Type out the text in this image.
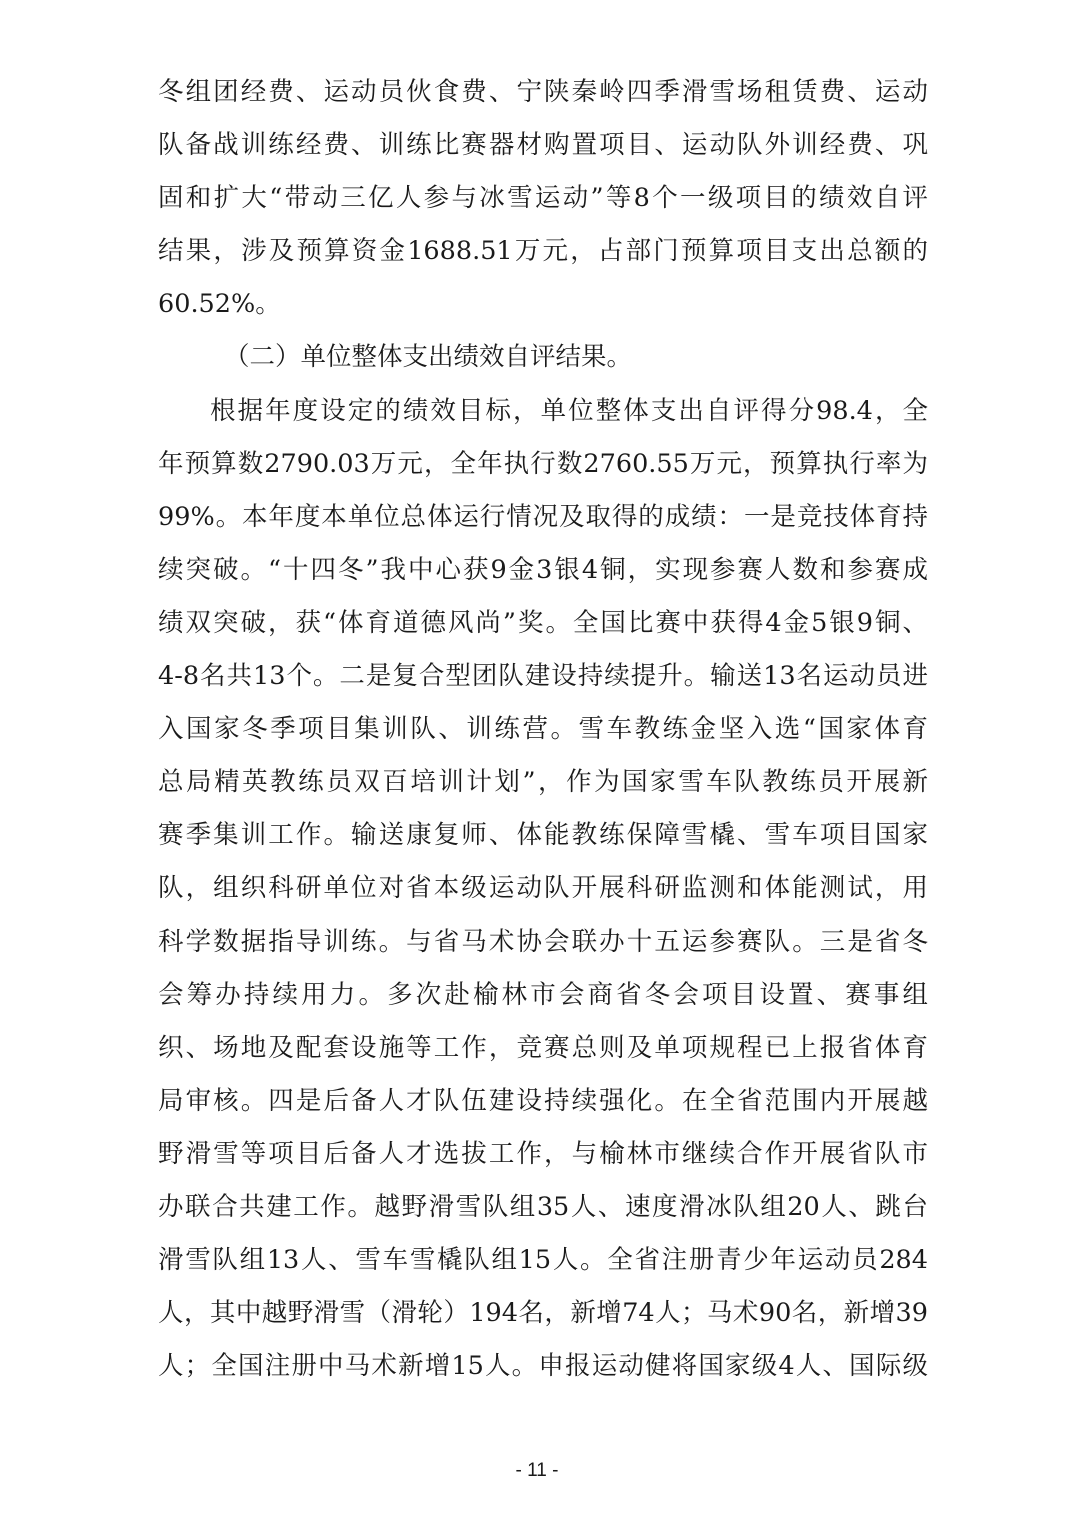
冬组团经费、运动员伙食费、宁陕秦岭四季滑雪场租赁费、运动
队备战训练经费、训练比赛器材购置项目、运动队外训经费、巩
固和扩大“带动三亿人参与冰雪运动”等8个一级项目的绩效自评
结果，涉及预算资金1688.51万元，占部门预算项目支出总额的
60.52%。
（二）单位整体支出绩效自评结果。
根据年度设定的绩效目标，单位整体支出自评得分98.4，全
年预算数2790.03万元，全年执行数2760.55万元，预算执行率为
99%。本年度本单位总体运行情况及取得的成绩：一是竞技体育持
续突破。“十四冬”我中心获9金3银4铜，实现参赛人数和参赛成
绩双突破，获“体育道德风尚”奖。全国比赛中获得4金5银9铜、
4-8名共13个。二是复合型团队建设持续提升。输送13名运动员进
入国家冬季项目集训队、训练营。雪车教练金坚入选“国家体育
总局精英教练员双百培训计划”，作为国家雪车队教练员开展新
赛季集训工作。输送康复师、体能教练保障雪橇、雪车项目国家
队，组织科研单位对省本级运动队开展科研监测和体能测试，用
科学数据指导训练。与省马术协会联办十五运参赛队。三是省冬
会筹办持续用力。多次赴榆林市会商省冬会项目设置、赛事组
织、场地及配套设施等工作，竞赛总则及单项规程已上报省体育
局审核。四是后备人才队伍建设持续强化。在全省范围内开展越
野滑雪等项目后备人才选拔工作，与榆林市继续合作开展省队市
办联合共建工作。越野滑雪队组35人、速度滑冰队组20人、跳台
滑雪队组13人、雪车雪橇队组15人。全省注册青少年运动员284
人，其中越野滑雪（滑轮）194名，新增74人；马术90名，新增39
人；全国注册中马术新增15人。申报运动健将国家级4人、国际级
- 11 -
